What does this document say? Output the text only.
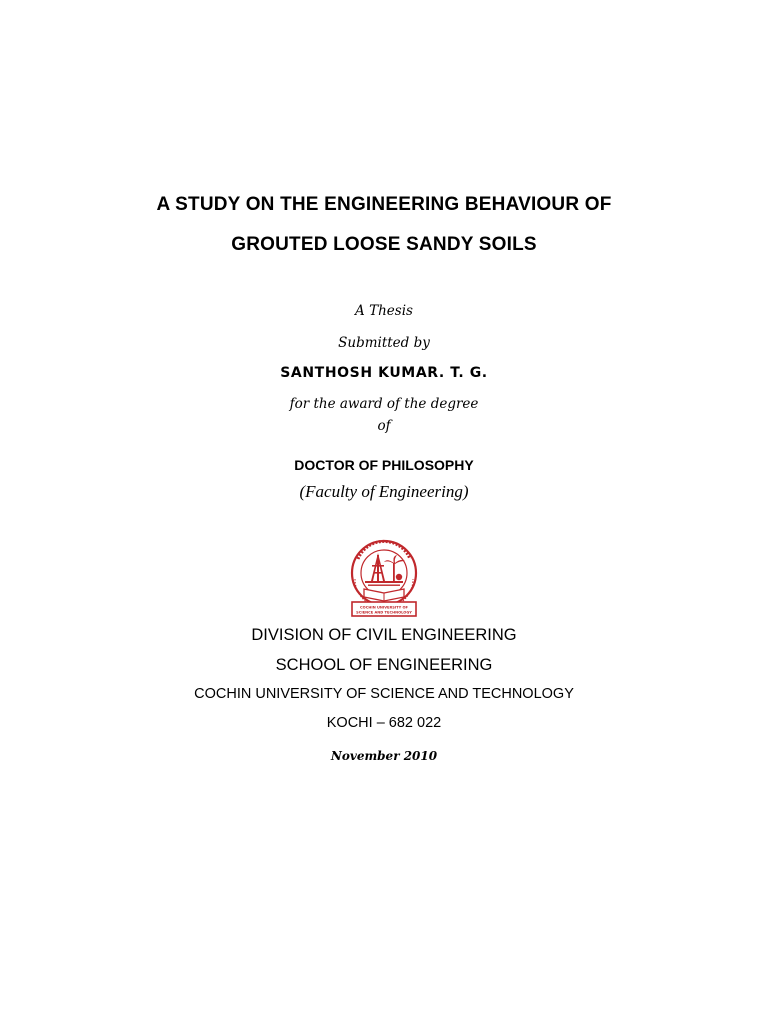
A STUDY ON THE ENGINEERING BEHAVIOUR OF
GROUTED LOOSE SANDY SOILS
A Thesis
Submitted by
SANTHOSH KUMAR. T. G.
for the award of the degree
of
DOCTOR OF PHILOSOPHY
(Faculty of Engineering)
COCHIN UNIVERSITY OF
SCIENCE AND TECHNOLOGY
DIVISION OF CIVIL ENGINEERING
SCHOOL OF ENGINEERING
COCHIN UNIVERSITY OF SCIENCE AND TECHNOLOGY
KOCHI – 682 022
November 2010
